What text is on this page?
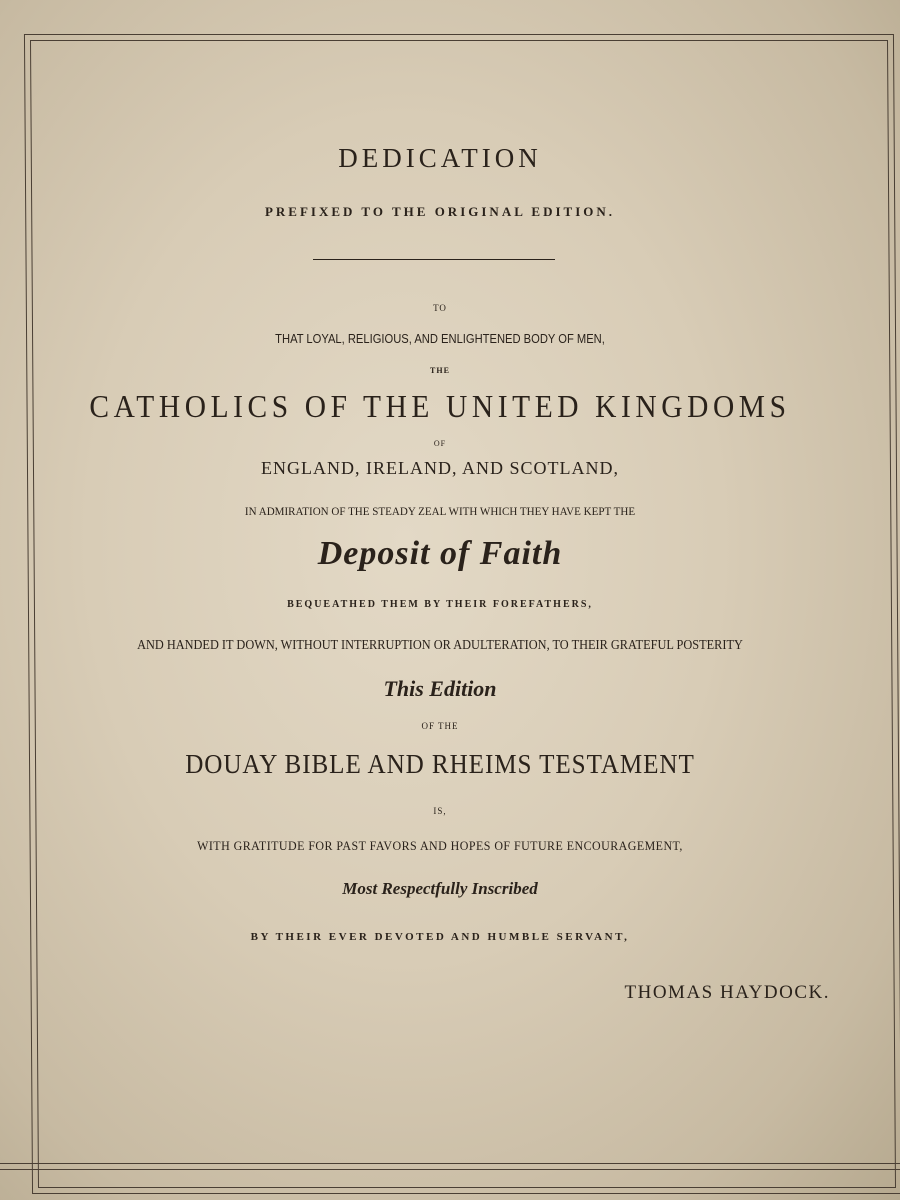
DEDICATION
PREFIXED TO THE ORIGINAL EDITION.
TO
THAT LOYAL, RELIGIOUS, AND ENLIGHTENED BODY OF MEN,
THE
CATHOLICS OF THE UNITED KINGDOMS
OF
ENGLAND, IRELAND, AND SCOTLAND,
IN ADMIRATION OF THE STEADY ZEAL WITH WHICH THEY HAVE KEPT THE
Deposit of Faith
BEQUEATHED THEM BY THEIR FOREFATHERS,
AND HANDED IT DOWN, WITHOUT INTERRUPTION OR ADULTERATION, TO THEIR GRATEFUL POSTERITY
This Edition
OF THE
DOUAY BIBLE AND RHEIMS TESTAMENT
IS,
WITH GRATITUDE FOR PAST FAVORS AND HOPES OF FUTURE ENCOURAGEMENT,
Most Respectfully Inscribed
BY THEIR EVER DEVOTED AND HUMBLE SERVANT,
THOMAS HAYDOCK.
